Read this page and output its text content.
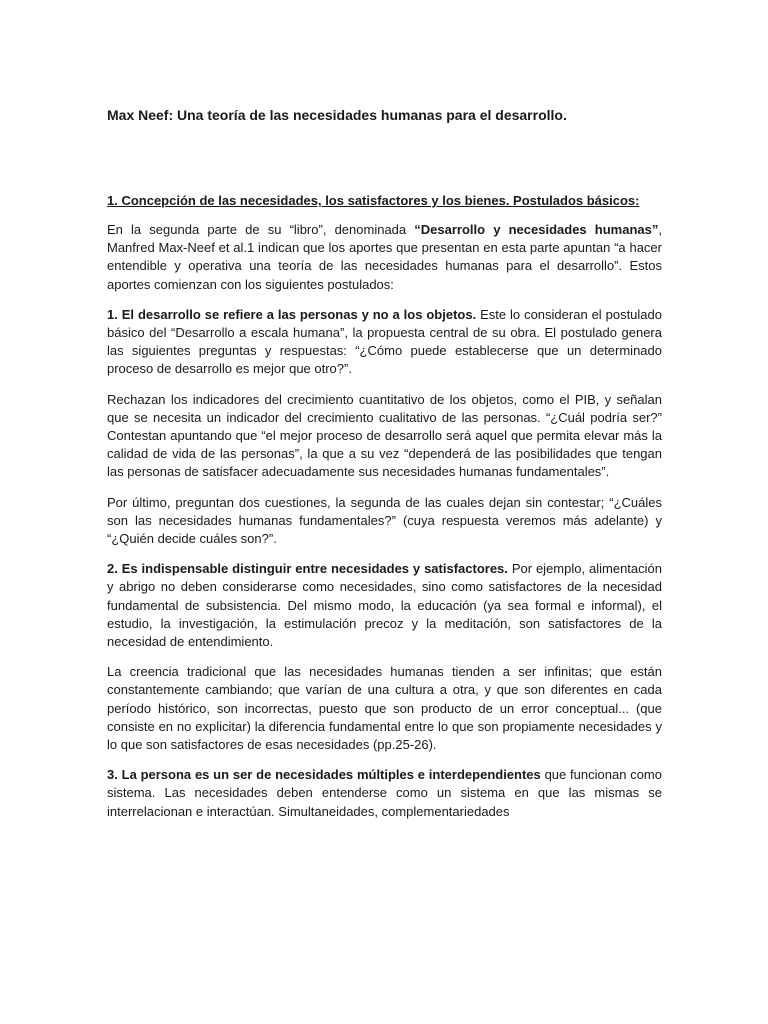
Max Neef: Una teoría de las necesidades humanas para el desarrollo.
1. Concepción de las necesidades, los satisfactores y los bienes. Postulados básicos:

En la segunda parte de su “libro”, denominada “Desarrollo y necesidades humanas”, Manfred Max-Neef et al.1 indican que los aportes que presentan en esta parte apuntan “a hacer entendible y operativa una teoría de las necesidades humanas para el desarrollo”. Estos aportes comienzan con los siguientes postulados:

1. El desarrollo se refiere a las personas y no a los objetos. Este lo consideran el postulado básico del “Desarrollo a escala humana”, la propuesta central de su obra. El postulado genera las siguientes preguntas y respuestas: “¿Cómo puede establecerse que un determinado proceso de desarrollo es mejor que otro?”.

Rechazan los indicadores del crecimiento cuantitativo de los objetos, como el PIB, y señalan que se necesita un indicador del crecimiento cualitativo de las personas. “¿Cuál podría ser?” Contestan apuntando que “el mejor proceso de desarrollo será aquel que permita elevar más la calidad de vida de las personas”, la que a su vez “dependerá de las posibilidades que tengan las personas de satisfacer adecuadamente sus necesidades humanas fundamentales”.

Por último, preguntan dos cuestiones, la segunda de las cuales dejan sin contestar; “¿Cuáles son las necesidades humanas fundamentales?” (cuya respuesta veremos más adelante) y “¿Quién decide cuáles son?”.

2. Es indispensable distinguir entre necesidades y satisfactores. Por ejemplo, alimentación y abrigo no deben considerarse como necesidades, sino como satisfactores de la necesidad fundamental de subsistencia. Del mismo modo, la educación (ya sea formal e informal), el estudio, la investigación, la estimulación precoz y la meditación, son satisfactores de la necesidad de entendimiento.

La creencia tradicional que las necesidades humanas tienden a ser infinitas; que están constantemente cambiando; que varían de una cultura a otra, y que son diferentes en cada período histórico, son incorrectas, puesto que son producto de un error conceptual... (que consiste en no explicitar) la diferencia fundamental entre lo que son propiamente necesidades y lo que son satisfactores de esas necesidades (pp.25-26).

3. La persona es un ser de necesidades múltiples e interdependientes que funcionan como sistema. Las necesidades deben entenderse como un sistema en que las mismas se interrelacionan e interactúan. Simultaneidades, complementariedades
